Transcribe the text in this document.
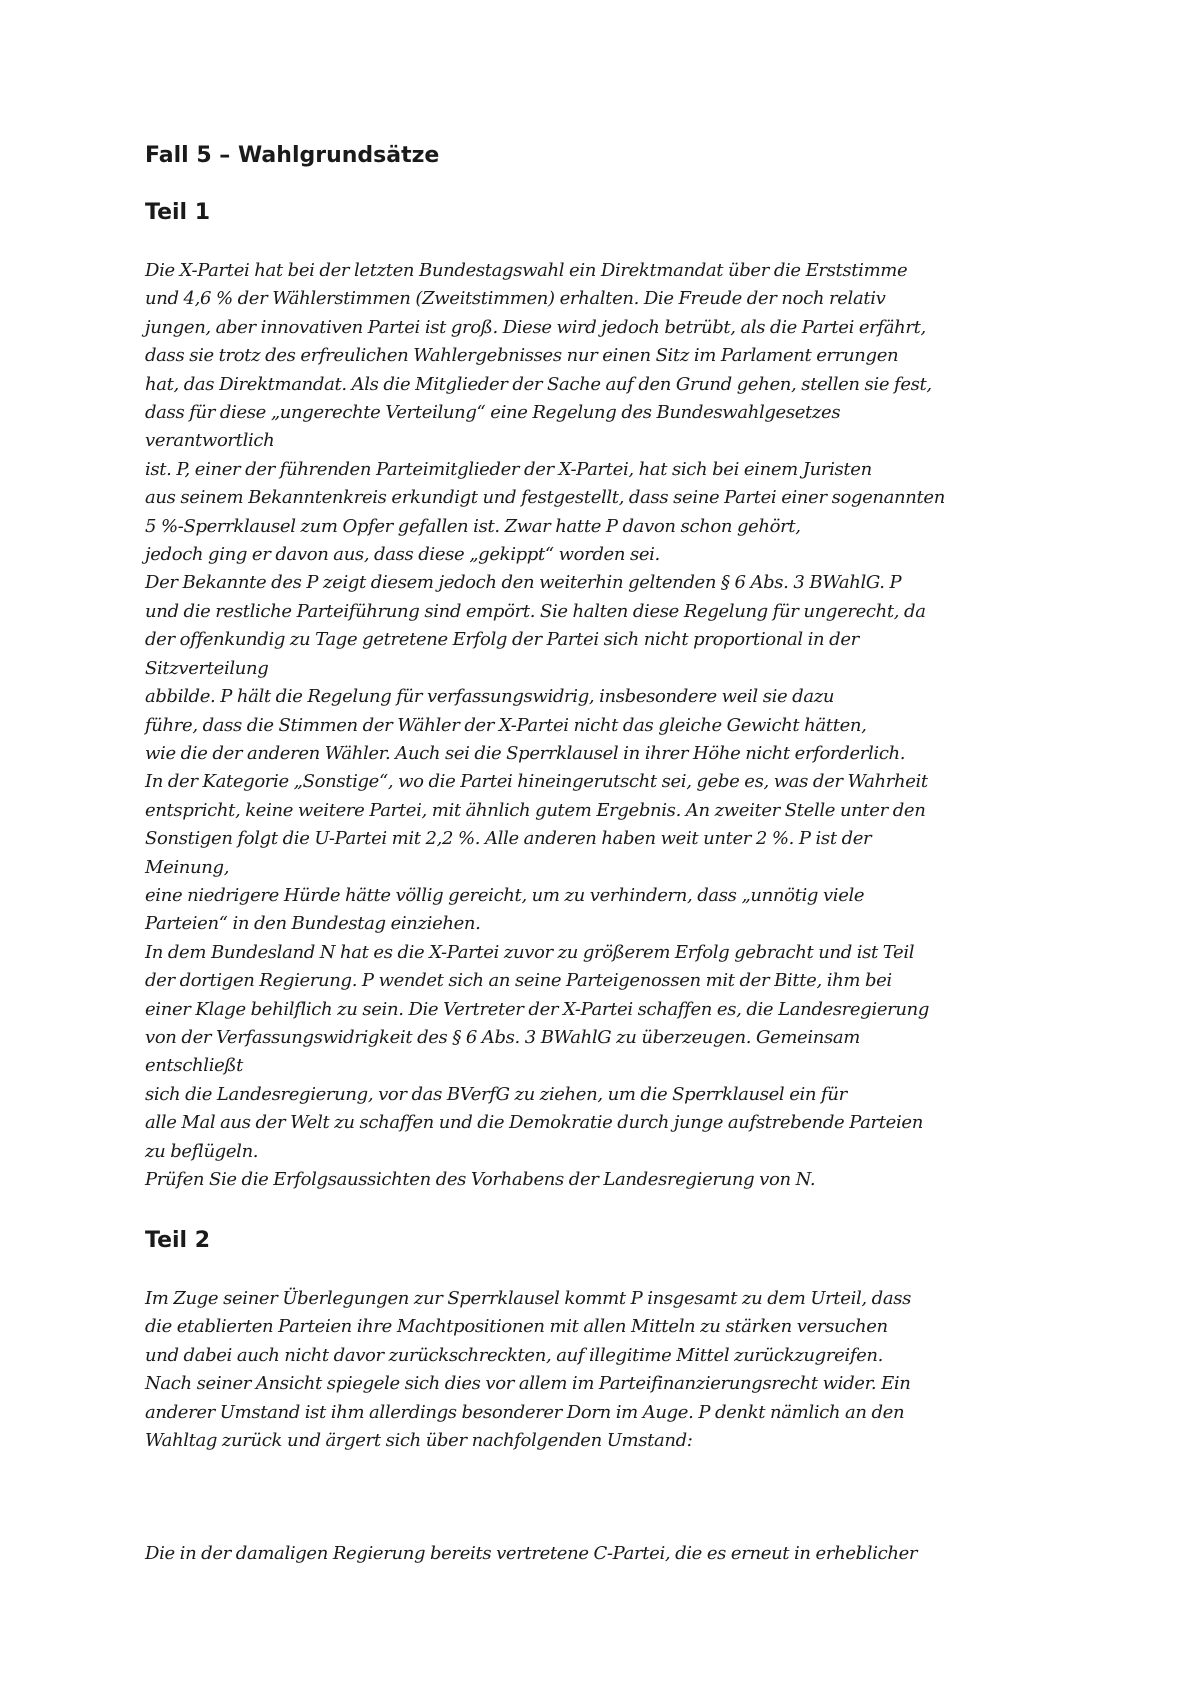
Fall 5 – Wahlgrundsätze
Teil 1

Die X-Partei hat bei der letzten Bundestagswahl ein Direktmandat über die Erststimme
und 4,6 % der Wählerstimmen (Zweitstimmen) erhalten. Die Freude der noch relativ
jungen, aber innovativen Partei ist groß. Diese wird jedoch betrübt, als die Partei erfährt,
dass sie trotz des erfreulichen Wahlergebnisses nur einen Sitz im Parlament errungen
hat, das Direktmandat. Als die Mitglieder der Sache auf den Grund gehen, stellen sie fest,
dass für diese „ungerechte Verteilung“ eine Regelung des Bundeswahlgesetzes
verantwortlich
ist. P, einer der führenden Parteimitglieder der X-Partei, hat sich bei einem Juristen
aus seinem Bekanntenkreis erkundigt und festgestellt, dass seine Partei einer sogenannten
5 %-Sperrklausel zum Opfer gefallen ist. Zwar hatte P davon schon gehört,
jedoch ging er davon aus, dass diese „gekippt“ worden sei.
Der Bekannte des P zeigt diesem jedoch den weiterhin geltenden § 6 Abs. 3 BWahlG. P
und die restliche Parteiführung sind empört. Sie halten diese Regelung für ungerecht, da
der offenkundig zu Tage getretene Erfolg der Partei sich nicht proportional in der
Sitzverteilung
abbilde. P hält die Regelung für verfassungswidrig, insbesondere weil sie dazu
führe, dass die Stimmen der Wähler der X-Partei nicht das gleiche Gewicht hätten,
wie die der anderen Wähler. Auch sei die Sperrklausel in ihrer Höhe nicht erforderlich.
In der Kategorie „Sonstige“, wo die Partei hineingerutscht sei, gebe es, was der Wahrheit
entspricht, keine weitere Partei, mit ähnlich gutem Ergebnis. An zweiter Stelle unter den
Sonstigen folgt die U-Partei mit 2,2 %. Alle anderen haben weit unter 2 %. P ist der
Meinung,
eine niedrigere Hürde hätte völlig gereicht, um zu verhindern, dass „unnötig viele
Parteien“ in den Bundestag einziehen.
In dem Bundesland N hat es die X-Partei zuvor zu größerem Erfolg gebracht und ist Teil
der dortigen Regierung. P wendet sich an seine Parteigenossen mit der Bitte, ihm bei
einer Klage behilflich zu sein. Die Vertreter der X-Partei schaffen es, die Landesregierung
von der Verfassungswidrigkeit des § 6 Abs. 3 BWahlG zu überzeugen. Gemeinsam
entschließt
sich die Landesregierung, vor das BVerfG zu ziehen, um die Sperrklausel ein für
alle Mal aus der Welt zu schaffen und die Demokratie durch junge aufstrebende Parteien
zu beflügeln.
Prüfen Sie die Erfolgsaussichten des Vorhabens der Landesregierung von N.

Teil 2

Im Zuge seiner Überlegungen zur Sperrklausel kommt P insgesamt zu dem Urteil, dass
die etablierten Parteien ihre Machtpositionen mit allen Mitteln zu stärken versuchen
und dabei auch nicht davor zurückschreckten, auf illegitime Mittel zurückzugreifen.
Nach seiner Ansicht spiegele sich dies vor allem im Parteifinanzierungsrecht wider. Ein
anderer Umstand ist ihm allerdings besonderer Dorn im Auge. P denkt nämlich an den
Wahltag zurück und ärgert sich über nachfolgenden Umstand:

Die in der damaligen Regierung bereits vertretene C-Partei, die es erneut in erheblicher
